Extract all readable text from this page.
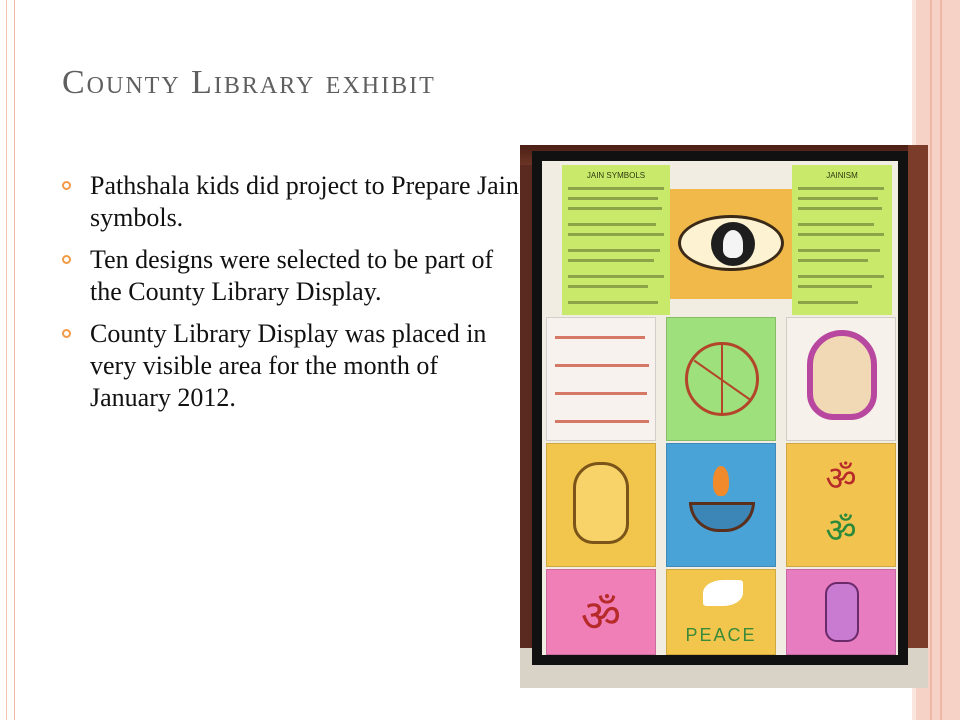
County Library exhibit
Pathshala kids did project to Prepare Jain symbols.
Ten designs were selected to be part of the County Library Display.
County Library Display was placed in very visible area for the month of January 2012.
JAIN SYMBOLS	JAINISM
ॐ
ॐ
ॐ	PEACE
